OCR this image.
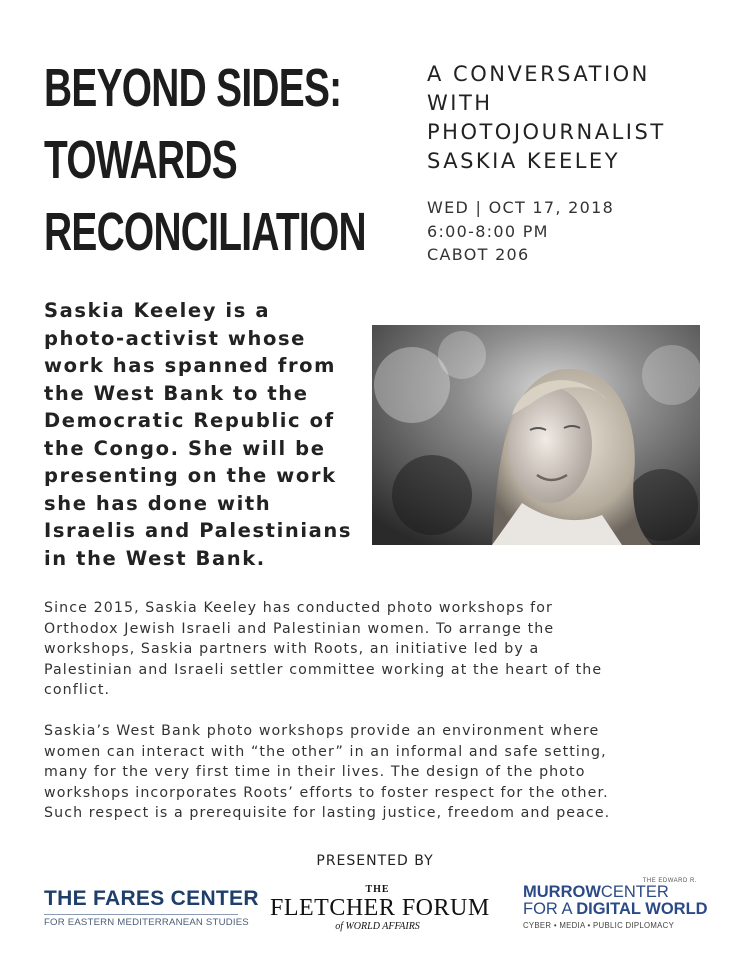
BEYOND SIDES:
TOWARDS
RECONCILIATION
A CONVERSATION
WITH
PHOTOJOURNALIST
SASKIA KEELEY
WED | OCT 17, 2018
6:00-8:00 PM
CABOT 206
Saskia Keeley is a
photo-activist whose
work has spanned from
the West Bank to the
Democratic Republic of
the Congo. She will be
presenting on the work
she has done with
Israelis and Palestinians
in the West Bank.
Since 2015, Saskia Keeley has conducted photo workshops for
Orthodox Jewish Israeli and Palestinian women. To arrange the
workshops, Saskia partners with Roots, an initiative led by a
Palestinian and Israeli settler committee working at the heart of the
conflict.
Saskia’s West Bank photo workshops provide an environment where
women can interact with “the other” in an informal and safe setting,
many for the very first time in their lives. The design of the photo
workshops incorporates Roots’ efforts to foster respect for the other.
Such respect is a prerequisite for lasting justice, freedom and peace.
PRESENTED BY
THE FARES CENTER
FOR EASTERN MEDITERRANEAN STUDIES
THE
FLETCHER FORUM
of WORLD AFFAIRS
THE EDWARD R.
MURROWCENTER
FOR A DIGITAL WORLD
CYBER • MEDIA • PUBLIC DIPLOMACY
